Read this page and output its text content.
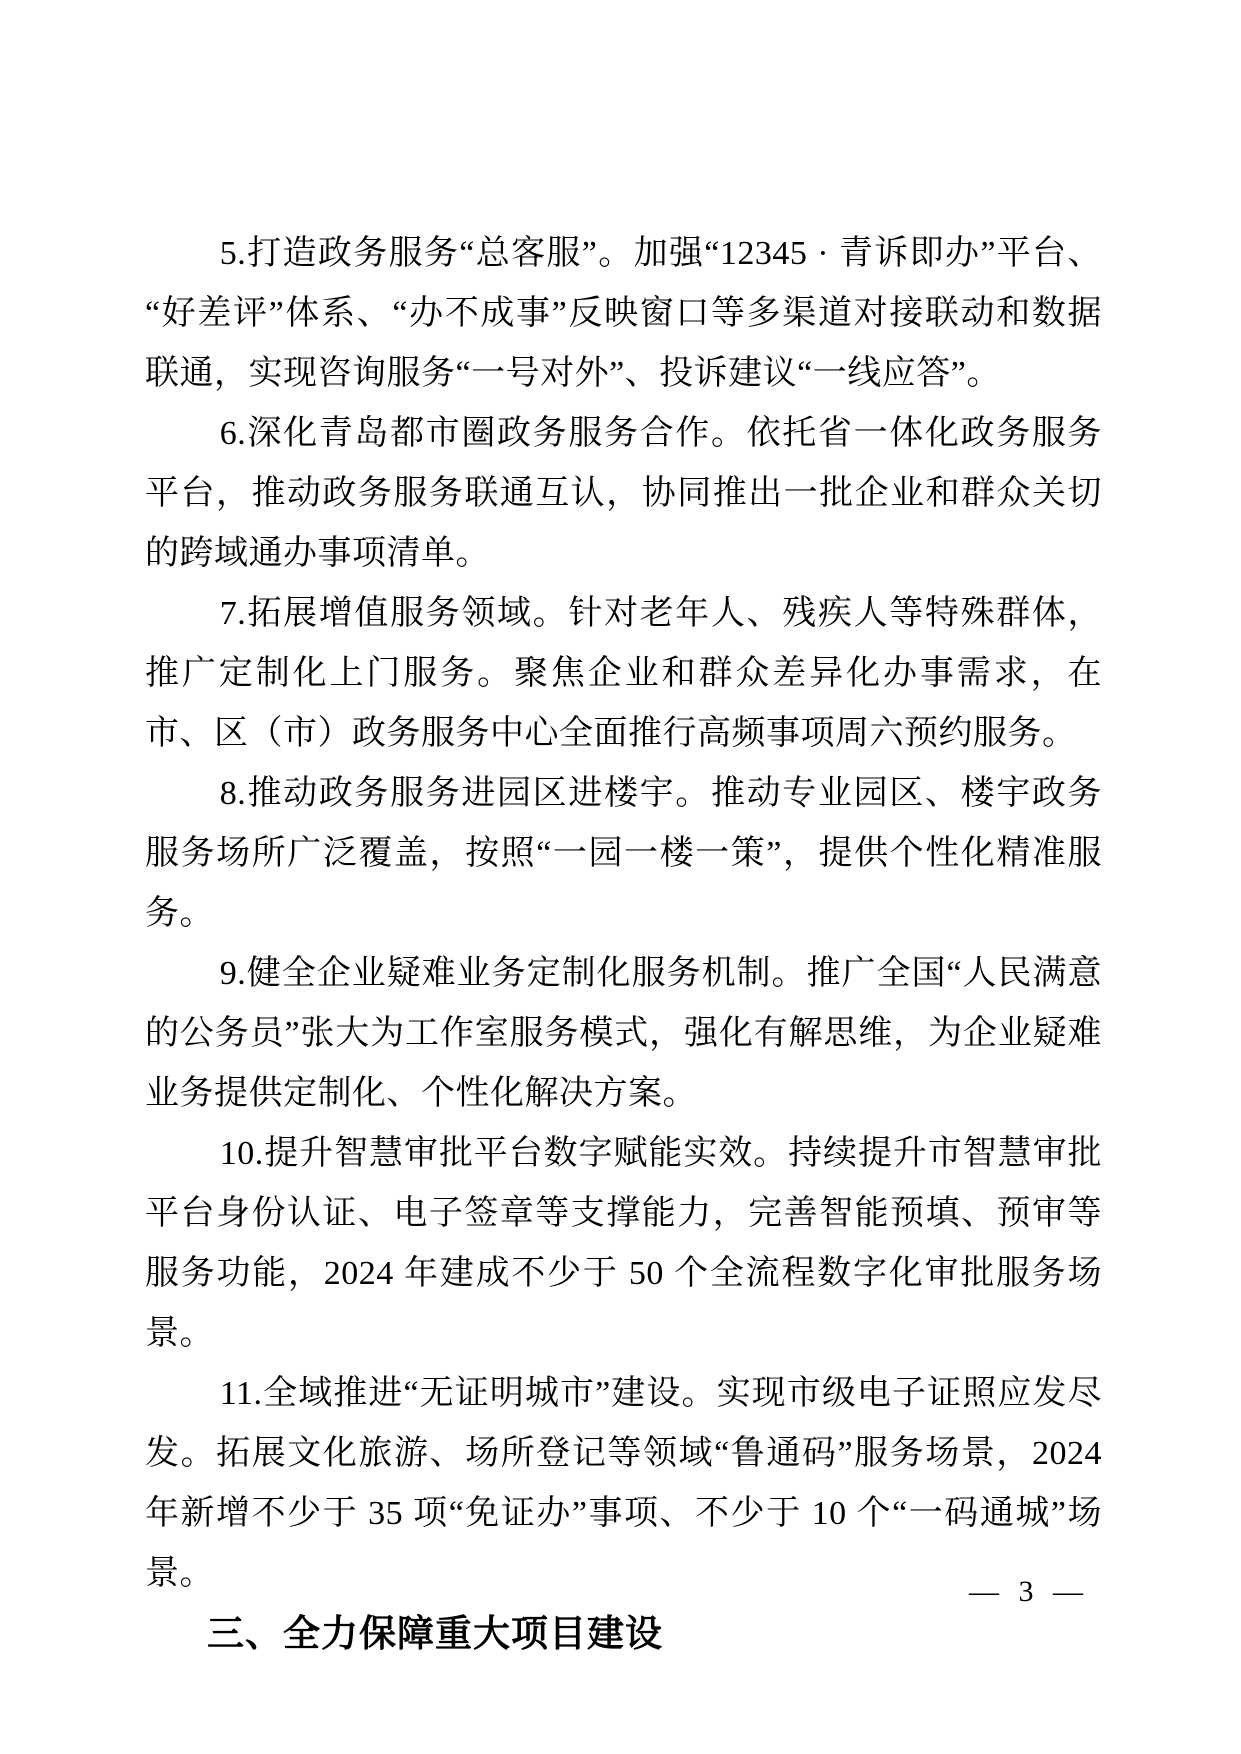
5.打造政务服务“总客服”。加强“12345 · 青诉即办”平台、“好差评”体系、“办不成事”反映窗口等多渠道对接联动和数据联通，实现咨询服务“一号对外”、投诉建议“一线应答”。

6.深化青岛都市圈政务服务合作。依托省一体化政务服务平台，推动政务服务联通互认，协同推出一批企业和群众关切的跨域通办事项清单。

7.拓展增值服务领域。针对老年人、残疾人等特殊群体，推广定制化上门服务。聚焦企业和群众差异化办事需求，在市、区（市）政务服务中心全面推行高频事项周六预约服务。

8.推动政务服务进园区进楼宇。推动专业园区、楼宇政务服务场所广泛覆盖，按照“一园一楼一策”，提供个性化精准服务。

9.健全企业疑难业务定制化服务机制。推广全国“人民满意的公务员”张大为工作室服务模式，强化有解思维，为企业疑难业务提供定制化、个性化解决方案。

10.提升智慧审批平台数字赋能实效。持续提升市智慧审批平台身份认证、电子签章等支撑能力，完善智能预填、预审等服务功能，2024 年建成不少于 50 个全流程数字化审批服务场景。

11.全域推进“无证明城市”建设。实现市级电子证照应发尽发。拓展文化旅游、场所登记等领域“鲁通码”服务场景，2024 年新增不少于 35 项“免证办”事项、不少于 10 个“一码通城”场景。

三、全力保障重大项目建设
— 3 —
